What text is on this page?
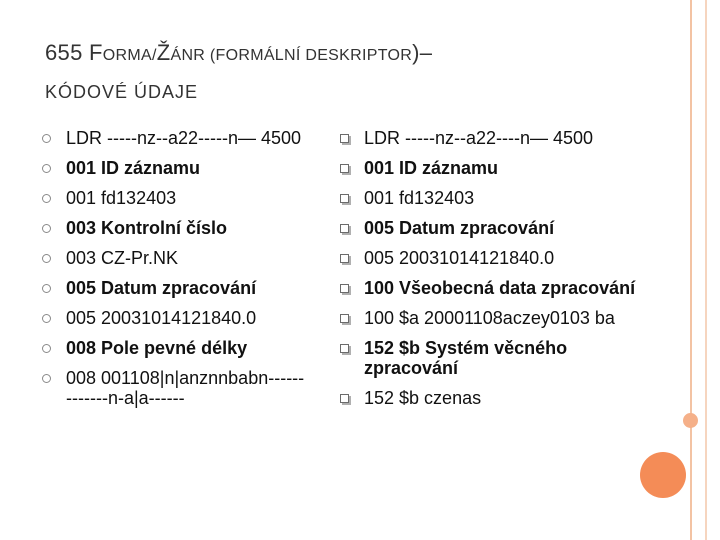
655 FORMA/ŽÁNR (FORMÁLNÍ DESKRIPTOR)–
KÓDOVÉ ÚDAJE
LDR -----nz--a22-----n— 4500
001 ID záznamu
001 fd132403
003 Kontrolní číslo
003 CZ-Pr.NK
005 Datum zpracování
005 20031014121840.0
008 Pole pevné délky
008 001108|n|anznnbabn-------------n-a|a------
LDR -----nz--a22----n— 4500
001 ID záznamu
001 fd132403
005 Datum zpracování
005 20031014121840.0
100 Všeobecná data zpracování
100 $a 20001108aczey0103 ba
152 $b Systém věcného zpracování
152 $b czenas
